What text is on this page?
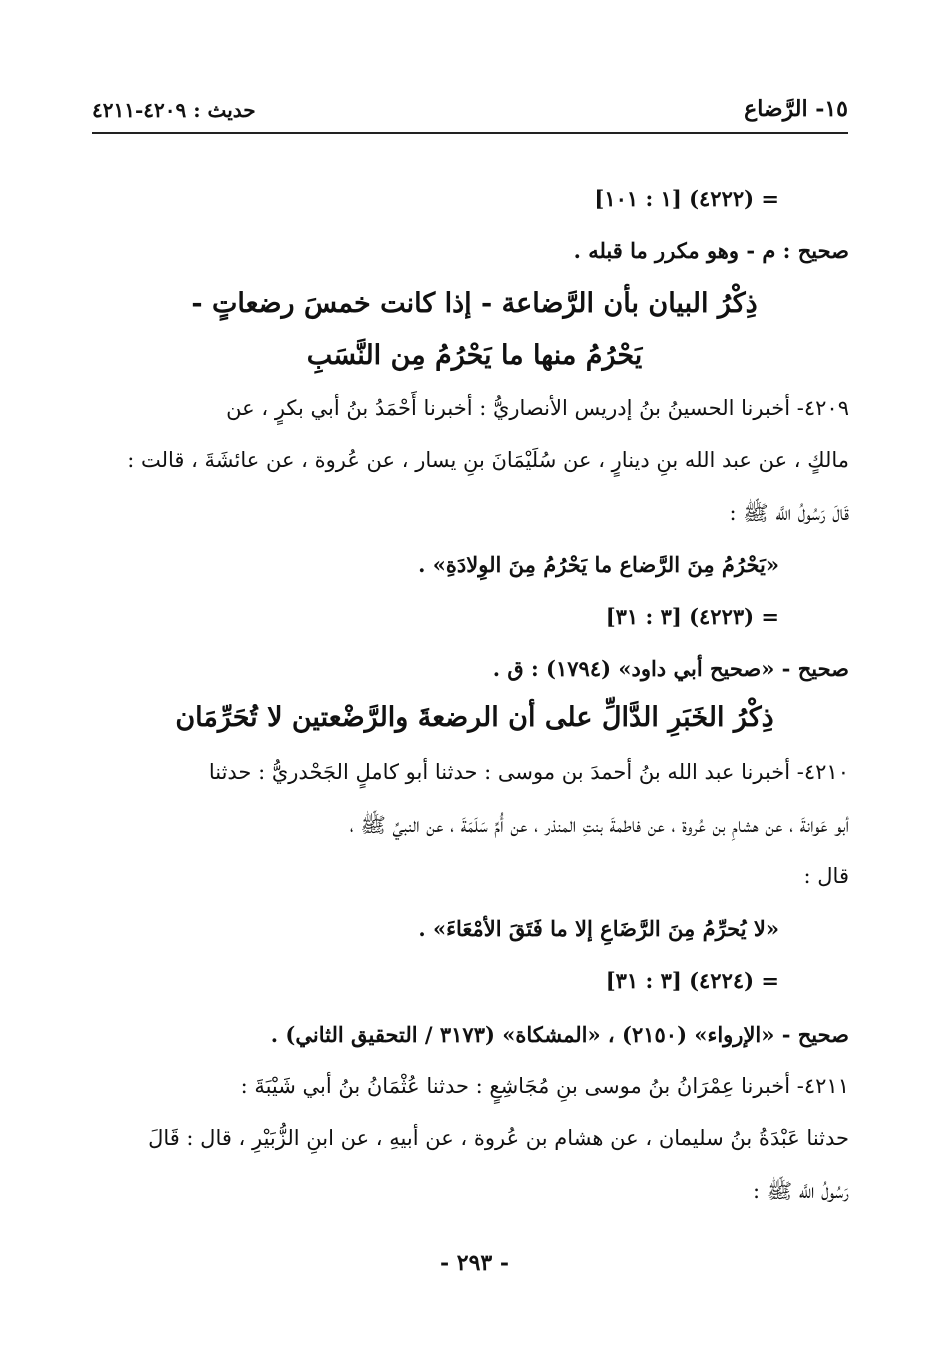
١٥- الرَّضاع
حديث : ٤٢٠٩-٤٢١١
= (٤٢٢٢) [١ : ١٠١]
صحيح : م - وهو مكرر ما قبله .
ذِكْرُ البيان بأن الرَّضاعة - إذا كانت خمسَ رضعاتٍ -
يَحْرُمُ منها ما يَحْرُمُ مِن النَّسَبِ
٤٢٠٩- أخبرنا الحسينُ بنُ إدريس الأنصاريُّ : أخبرنا أَحْمَدُ بنُ أبي بكرٍ ، عن
مالكٍ ، عن عبد الله بنِ دينارٍ ، عن سُلَيْمَانَ بنِ يسار ، عن عُروة ، عن عائشَةَ ، قالت :
قَالَ رَسُولُ اللَّه ﷺ :
«يَحْرُمُ مِنَ الرَّضاع ما يَحْرُمُ مِنَ الوِلادَةِ» .
= (٤٢٢٣) [٣ : ٣١]
صحيح - «صحيح أبي داود» (١٧٩٤) : ق .
ذِكْرُ الخَبَرِ الدَّالِّ على أن الرضعةَ والرَّضْعتين لا تُحَرِّمَان
٤٢١٠- أخبرنا عبد الله بنُ أحمدَ بن موسى : حدثنا أبو كاملٍ الجَحْدريُّ : حدثنا
أبو عَوانةَ ، عن هشامِ بن عُروة ، عن فاطمةَ بنتِ المنذر ، عن أُمِّ سَلَمَةَ ، عن النبيِّ ﷺ ،
قال :
«لا يُحرِّمُ مِنَ الرَّضَاعِ إلا ما فَتَقَ الأمْعَاءَ» .
= (٤٢٢٤) [٣ : ٣١]
صحيح - «الإرواء» (٢١٥٠) ، «المشكاة» (٣١٧٣ / التحقيق الثاني) .
٤٢١١- أخبرنا عِمْرَانُ بنُ موسى بنِ مُجَاشِعٍ : حدثنا عُثْمَانُ بنُ أبي شَيْبَةَ :
حدثنا عَبْدَةُ بنُ سليمان ، عن هشام بن عُروة ، عن أبيهِ ، عن ابنِ الزُّبَيْرِ ، قال : قَالَ
رَسُولُ اللَّه ﷺ :
- ٢٩٣ -
